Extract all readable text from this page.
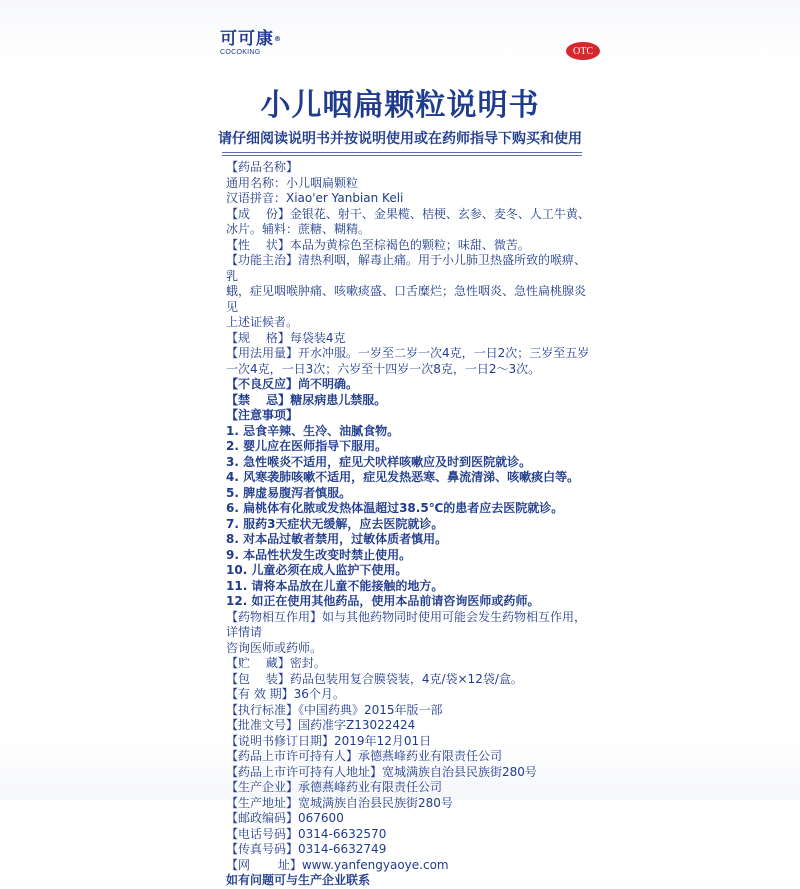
可可康®
COCOKING	OTC
小儿咽扁颗粒说明书
请仔细阅读说明书并按说明使用或在药师指导下购买和使用

【药品名称】

通用名称：小儿咽扁颗粒

汉语拼音：Xiao'er Yanbian Keli

【成　 份】金银花、射干、金果榄、桔梗、玄参、麦冬、人工牛黄、

冰片。辅料：蔗糖、糊精。

【性　 状】本品为黄棕色至棕褐色的颗粒；味甜、微苦。

【功能主治】清热利咽，解毒止痛。用于小儿肺卫热盛所致的喉痹、乳

蛾，症见咽喉肿痛、咳嗽痰盛、口舌糜烂；急性咽炎、急性扁桃腺炎见

上述证候者。

【规　 格】每袋装4克

【用法用量】开水冲服。一岁至二岁一次4克，一日2次；三岁至五岁

一次4克，一日3次；六岁至十四岁一次8克，一日2～3次。

【不良反应】尚不明确。

【禁　 忌】糖尿病患儿禁服。

【注意事项】

1. 忌食辛辣、生冷、油腻食物。

2. 婴儿应在医师指导下服用。

3. 急性喉炎不适用，症见犬吠样咳嗽应及时到医院就诊。

4. 风寒袭肺咳嗽不适用，症见发热恶寒、鼻流清涕、咳嗽痰白等。

5. 脾虚易腹泻者慎服。

6. 扁桃体有化脓或发热体温超过38.5℃的患者应去医院就诊。

7. 服药3天症状无缓解，应去医院就诊。

8. 对本品过敏者禁用，过敏体质者慎用。

9. 本品性状发生改变时禁止使用。

10. 儿童必须在成人监护下使用。

11. 请将本品放在儿童不能接触的地方。

12. 如正在使用其他药品，使用本品前请咨询医师或药师。

【药物相互作用】如与其他药物同时使用可能会发生药物相互作用，详情请

咨询医师或药师。

【贮　 藏】密封。

【包　 装】药品包装用复合膜袋装，4克/袋×12袋/盒。

【有 效 期】36个月。

【执行标准】《中国药典》2015年版一部

【批准文号】国药准字Z13022424

【说明书修订日期】2019年12月01日

【药品上市许可持有人】承德燕峰药业有限责任公司

【药品上市许可持有人地址】宽城满族自治县民族街280号

【生产企业】承德燕峰药业有限责任公司

【生产地址】宽城满族自治县民族街280号

【邮政编码】067600

【电话号码】0314-6632570

【传真号码】0314-6632749

【网　　 址】www.yanfengyaoye.com

如有问题可与生产企业联系
